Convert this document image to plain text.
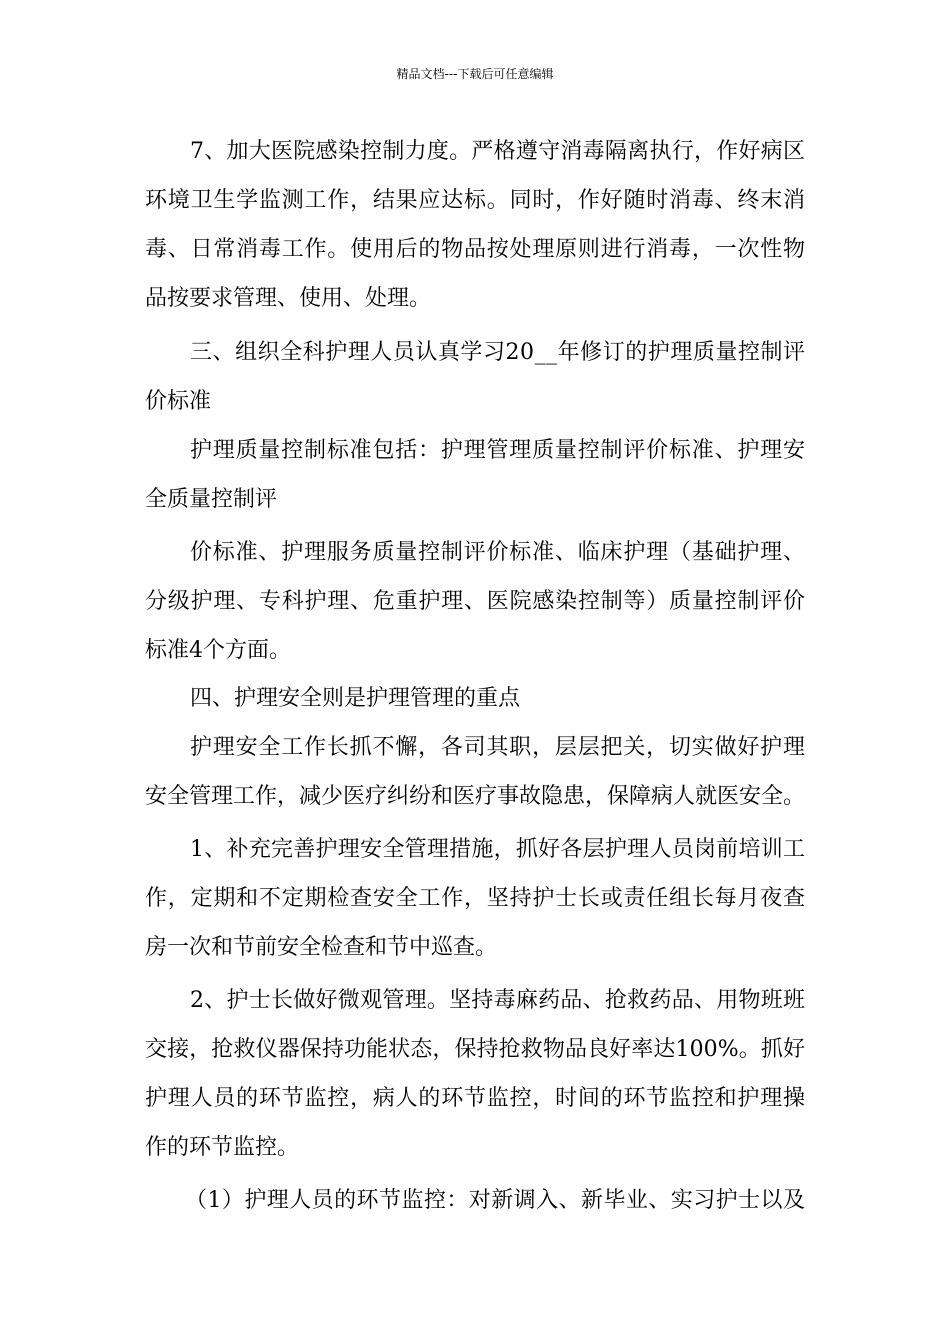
精品文档---下载后可任意编辑
7、加大医院感染控制力度。严格遵守消毒隔离执行，作好病区
环境卫生学监测工作，结果应达标。同时，作好随时消毒、终末消
毒、日常消毒工作。使用后的物品按处理原则进行消毒，一次性物
品按要求管理、使用、处理。
三、组织全科护理人员认真学习20__年修订的护理质量控制评
价标准
护理质量控制标准包括：护理管理质量控制评价标准、护理安
全质量控制评
价标准、护理服务质量控制评价标准、临床护理（基础护理、
分级护理、专科护理、危重护理、医院感染控制等）质量控制评价
标准4个方面。
四、护理安全则是护理管理的重点
护理安全工作长抓不懈，各司其职，层层把关，切实做好护理
安全管理工作，减少医疗纠纷和医疗事故隐患，保障病人就医安全。
1、补充完善护理安全管理措施，抓好各层护理人员岗前培训工
作，定期和不定期检查安全工作，坚持护士长或责任组长每月夜查
房一次和节前安全检查和节中巡查。
2、护士长做好微观管理。坚持毒麻药品、抢救药品、用物班班
交接，抢救仪器保持功能状态，保持抢救物品良好率达100%。抓好
护理人员的环节监控，病人的环节监控，时间的环节监控和护理操
作的环节监控。
（1）护理人员的环节监控：对新调入、新毕业、实习护士以及
